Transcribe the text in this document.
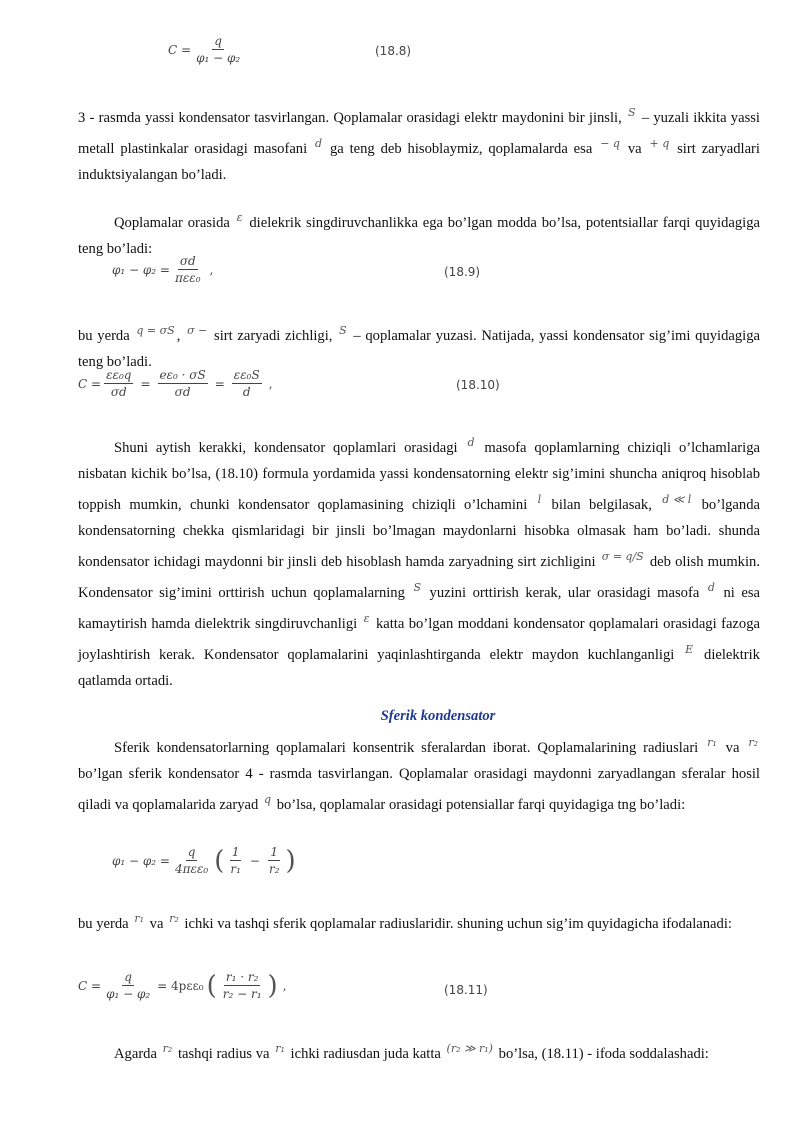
$C = \frac{q}{\text{φ₁ − φ₂}}$	(18.8)

3 - rasmda yassi kondensator tasvirlangan. Qoplamalar orasidagi elektr maydonini bir jinsli, S – yuzali ikkita yassi metall plastinkalar orasidagi masofani d ga teng deb hisoblaymiz, qoplamalarda esa − q va + q sirt zaryadlari induktsiyalangan bo’ladi.

Qoplamalar orasida ε dielekrik singdiruvchanlikka ega bo’lgan modda bo’lsa, potentsiallar farqi quyidagiga teng bo’ladi:

$\varphi_1 - \varphi_2 = \frac{\sigma d}{\text{πεε₀}}$ ,	(18.9)

bu yerda q = σS , σ − sirt zaryadi zichligi, S – qoplamalar yuzasi. Natijada, yassi kondensator sig’imi quyidagiga teng bo’ladi.

$C = \frac{\text{εε₀q}}{\sigma d} = \frac{\text{eε₀ · σS}}{\sigma d} = \frac{\text{εε₀S}}{d}$ ,	(18.10)

Shuni aytish kerakki, kondensator qoplamlari orasidagi d masofa qoplamlarning chiziqli o’lchamlariga nisbatan kichik bo’lsa, (18.10) formula yordamida yassi kondensatorning elektr sig’imini shuncha aniqroq hisoblab toppish mumkin, chunki kondensator qoplamasining chiziqli o’lchamini l bilan belgilasak, d ≪ l bo’lganda kondensatorning chekka qismlaridagi bir jinsli bo’lmagan maydonlarni hisobka olmasak ham bo’ladi. shunda kondensator ichidagi maydonni bir jinsli deb hisoblash hamda zaryadning sirt zichligini σ = q/S deb olish mumkin. Kondensator sig’imini orttirish uchun qoplamalarning S yuzini orttirish kerak, ular orasidagi masofa d ni esa kamaytirish hamda dielektrik singdiruvchanligi ε katta bo’lgan moddani kondensator qoplamalari orasidagi fazoga joylashtirish kerak. Kondensator qoplamalarini yaqinlashtirganda elektr maydon kuchlanganligi E dielektrik qatlamda ortadi.

Sferik kondensator

Sferik kondensatorlarning qoplamalari konsentrik sferalardan iborat. Qoplamalarining radiuslari r₁ va r₂ bo’lgan sferik kondensator 4 - rasmda tasvirlangan. Qoplamalar orasidagi maydonni zaryadlangan sferalar hosil qiladi va qoplamalarida zaryad q bo’lsa, qoplamalar orasidagi potensiallar farqi quyidagiga tng bo’ladi:

$\varphi_1 - \varphi_2 = \frac{q}{\text{4πεε₀}}$ ( $\frac{1}{\text{r₁}} - \frac{1}{\text{r₂}}$ )

bu yerda r₁ va r₂ ichki va tashqi sferik qoplamalar radiuslaridir. shuning uchun sig’im quyidagicha ifodalanadi:

$C = \frac{q}{\text{φ₁ − φ₂}} = 4p\varepsilon\varepsilon_0$ ( $\frac{\text{r₁ · r₂}}{\text{r₂ − r₁}}$ ) ,	(18.11)

Agarda r₂ tashqi radius va r₁ ichki radiusdan juda katta (r₂ ≫ r₁) bo’lsa, (18.11) - ifoda soddalashadi:
